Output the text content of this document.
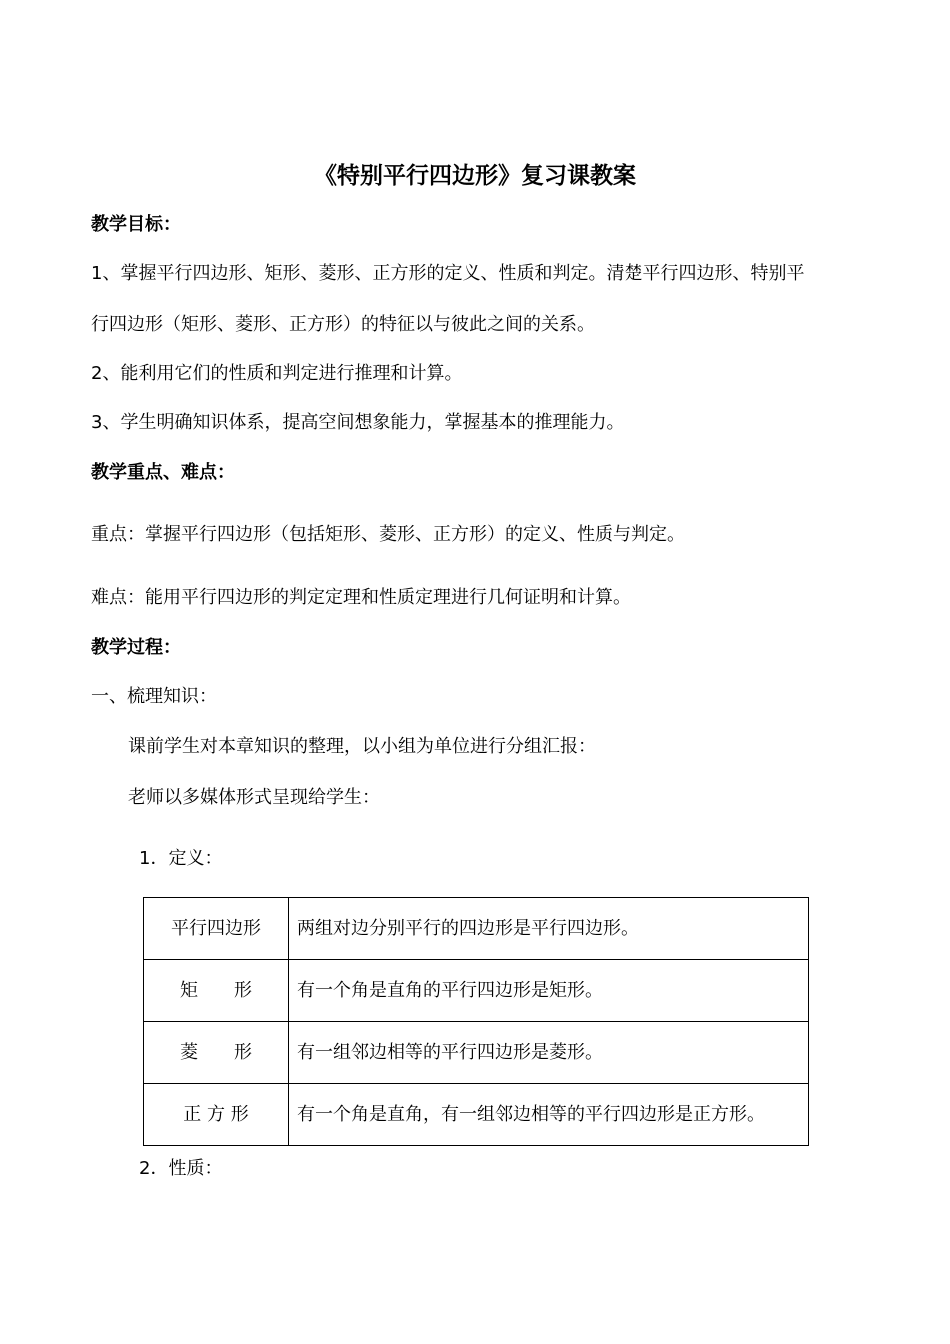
《特别平行四边形》复习课教案
教学目标：
1、掌握平行四边形、矩形、菱形、正方形的定义、性质和判定。清楚平行四边形、特别平
行四边形（矩形、菱形、正方形）的特征以与彼此之间的关系。
2、能利用它们的性质和判定进行推理和计算。
3、学生明确知识体系，提高空间想象能力，掌握基本的推理能力。
教学重点、难点：
重点：掌握平行四边形（包括矩形、菱形、正方形）的定义、性质与判定。
难点：能用平行四边形的判定定理和性质定理进行几何证明和计算。
教学过程：
一、梳理知识：
课前学生对本章知识的整理，以小组为单位进行分组汇报：
老师以多媒体形式呈现给学生：
1．定义：
平行四边形	两组对边分别平行的四边形是平行四边形。
矩　　形	有一个角是直角的平行四边形是矩形。
菱　　形	有一组邻边相等的平行四边形是菱形。
正 方 形	有一个角是直角，有一组邻边相等的平行四边形是正方形。
2．性质：
